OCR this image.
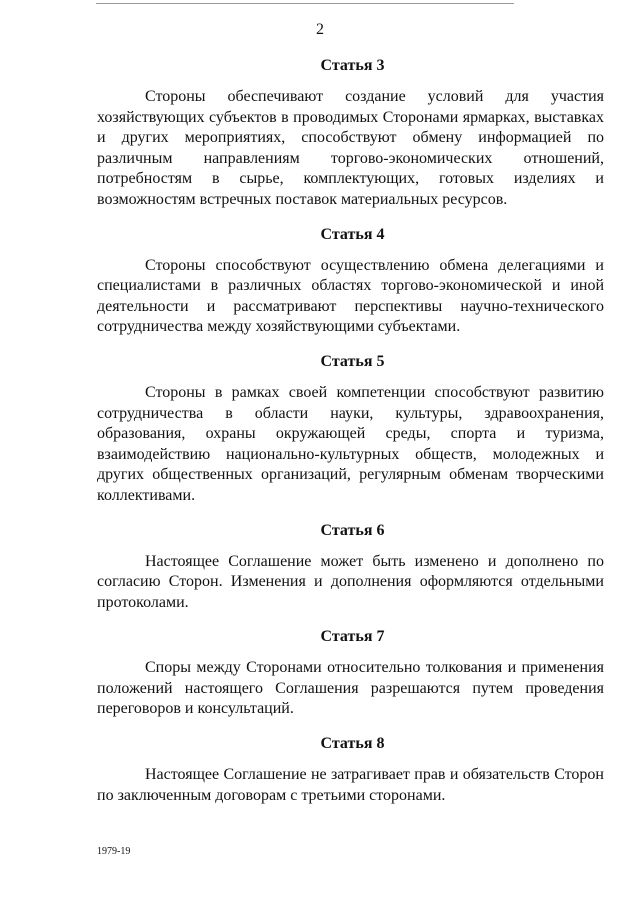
2
Статья 3

Стороны обеспечивают создание условий для участия хозяйствующих субъектов в проводимых Сторонами ярмарках, выставках и других мероприятиях, способствуют обмену информацией по различным направлениям торгово-экономических отношений, потребностям в сырье, комплектующих, готовых изделиях и возможностям встречных поставок материальных ресурсов.

Статья 4

Стороны способствуют осуществлению обмена делегациями и специалистами в различных областях торгово-экономической и иной деятельности и рассматривают перспективы научно-технического сотрудничества между хозяйствующими субъектами.

Статья 5

Стороны в рамках своей компетенции способствуют развитию сотрудничества в области науки, культуры, здравоохранения, образования, охраны окружающей среды, спорта и туризма, взаимодействию национально-культурных обществ, молодежных и других общественных организаций, регулярным обменам творческими коллективами.

Статья 6

Настоящее Соглашение может быть изменено и дополнено по согласию Сторон. Изменения и дополнения оформляются отдельными протоколами.

Статья 7

Споры между Сторонами относительно толкования и применения положений настоящего Соглашения разрешаются путем проведения переговоров и консультаций.

Статья 8

Настоящее Соглашение не затрагивает прав и обязательств Сторон по заключенным договорам с третьими сторонами.

1979-19
